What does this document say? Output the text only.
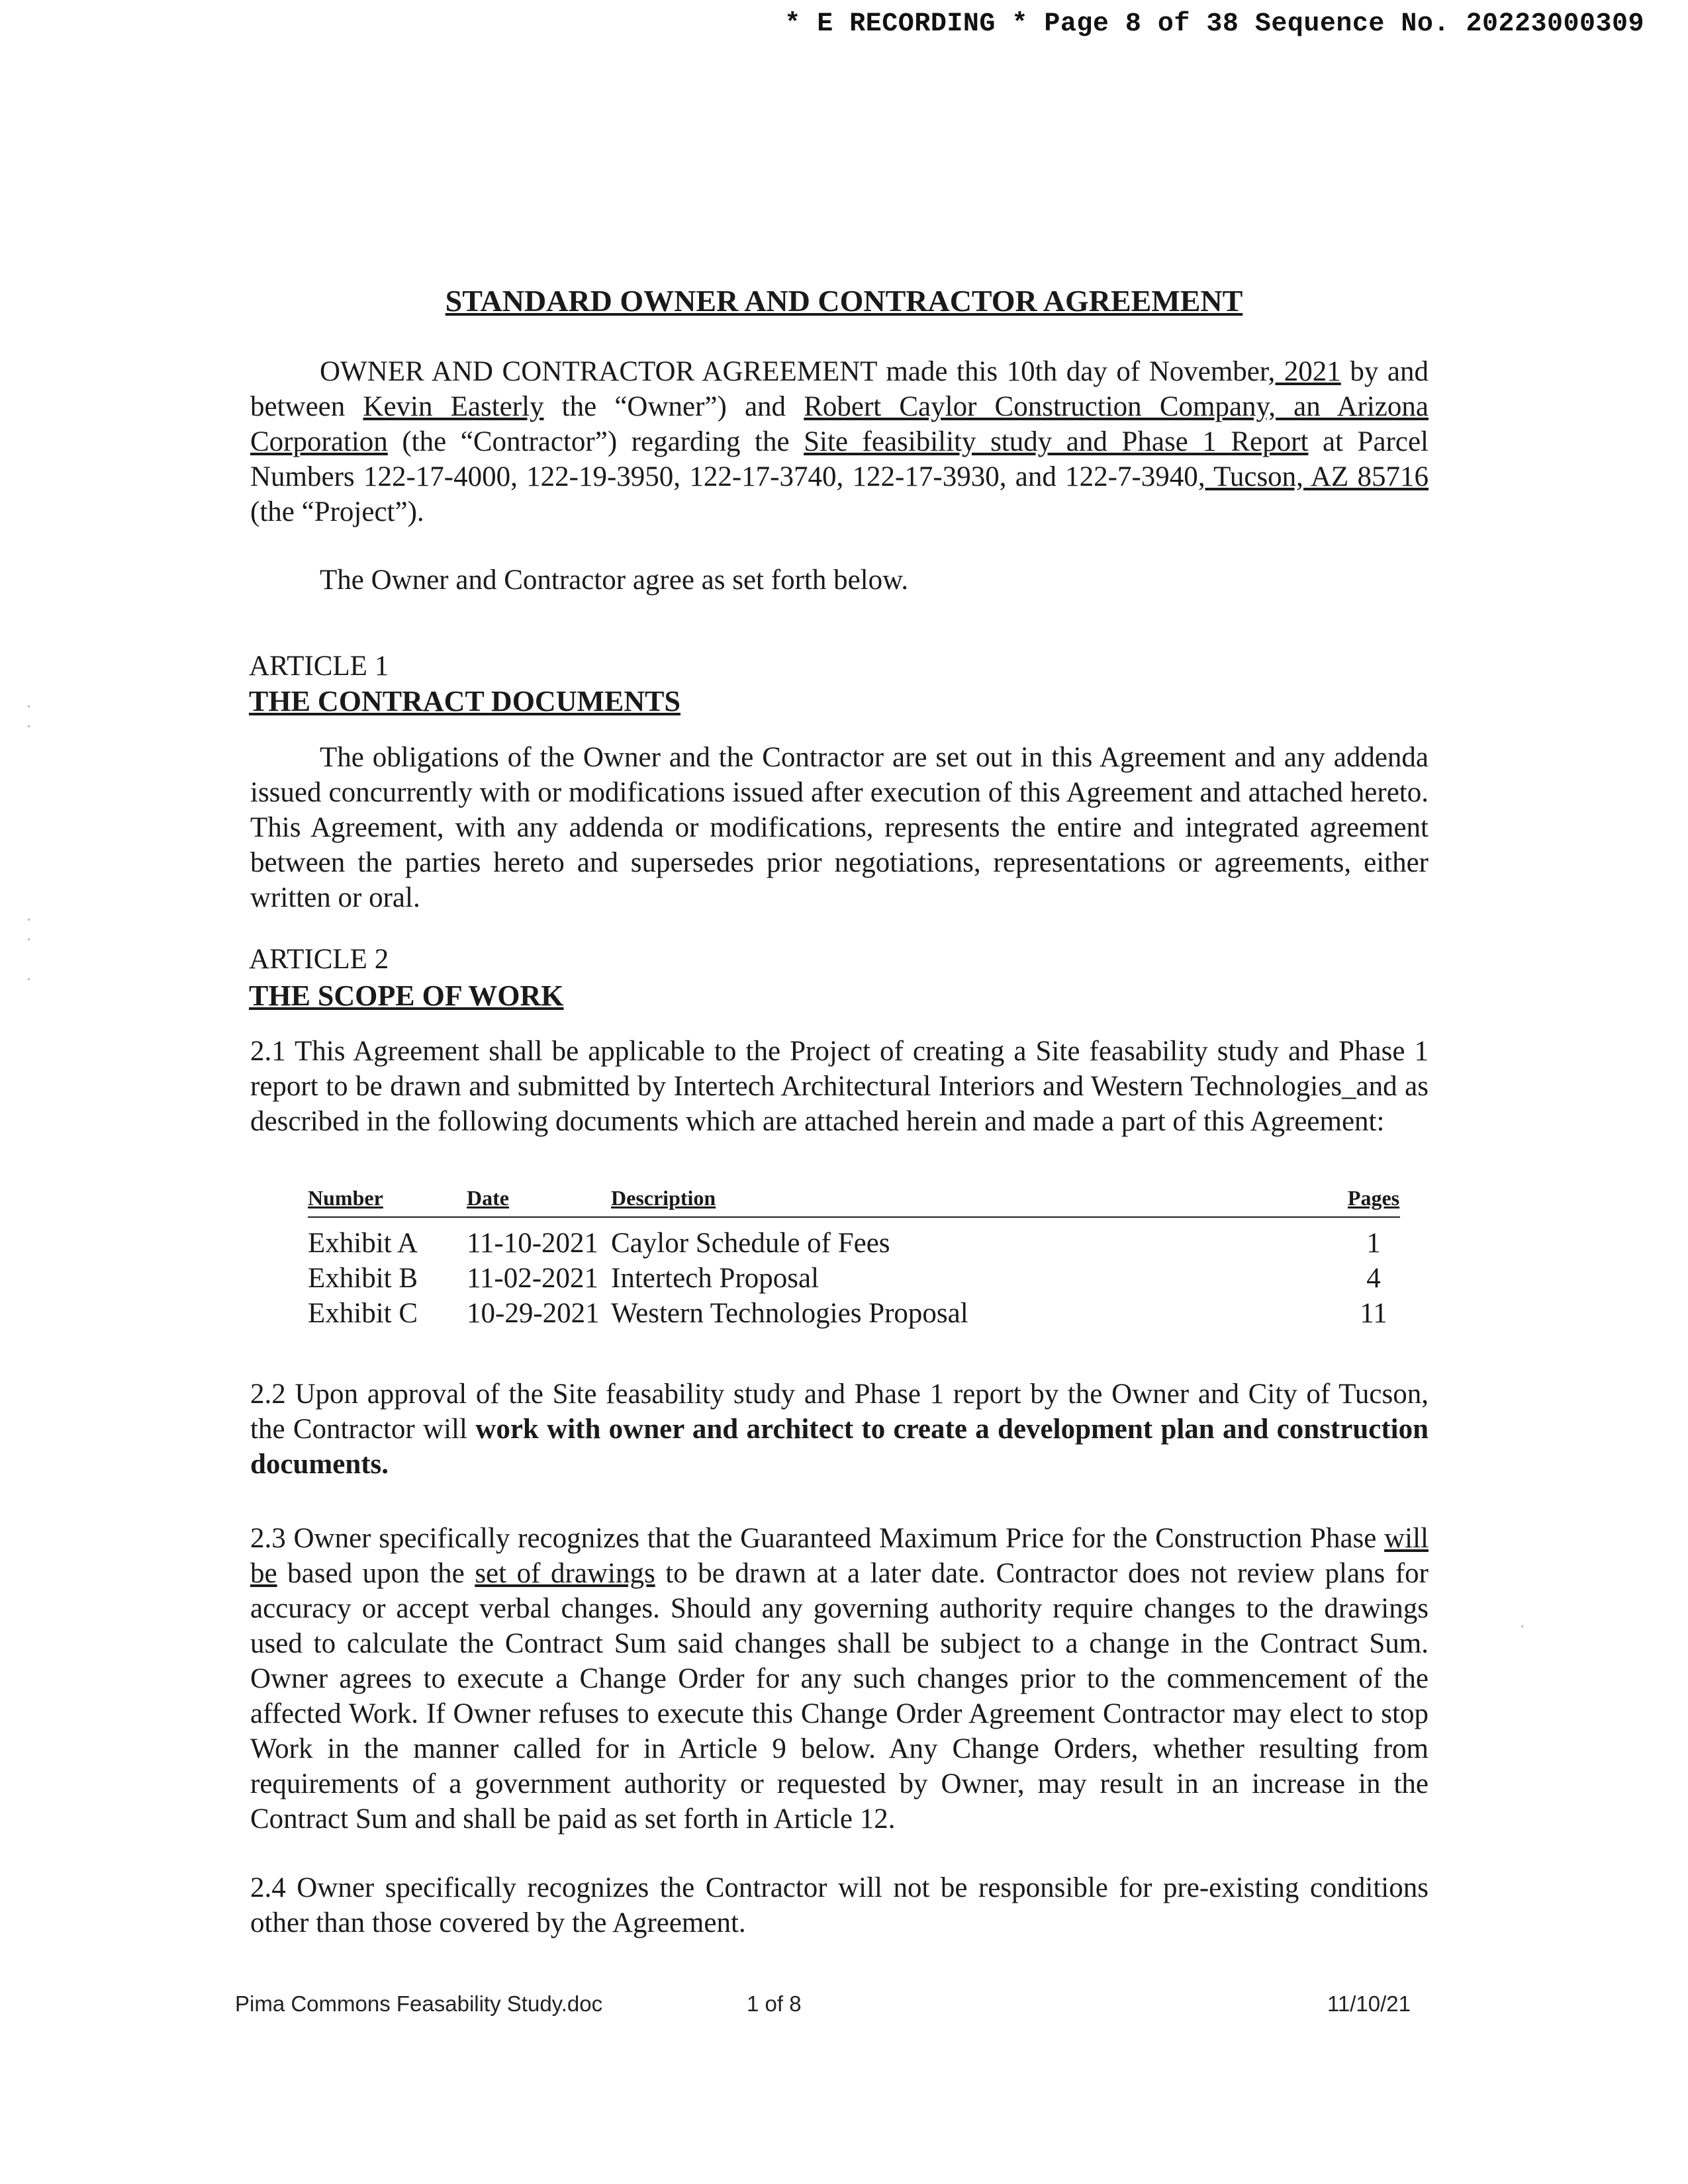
* E RECORDING * Page 8 of 38 Sequence No. 20223000309
STANDARD OWNER AND CONTRACTOR AGREEMENT

OWNER AND CONTRACTOR AGREEMENT made this 10th day of November, 2021 by and between Kevin Easterly the “Owner”) and Robert Caylor Construction Company, an Arizona Corporation (the “Contractor”) regarding the Site feasibility study and Phase 1 Report at Parcel Numbers 122-17-4000, 122-19-3950, 122-17-3740, 122-17-3930, and 122-7-3940, Tucson, AZ 85716 (the “Project”).

The Owner and Contractor agree as set forth below.

ARTICLE 1
THE CONTRACT DOCUMENTS

The obligations of the Owner and the Contractor are set out in this Agreement and any addenda issued concurrently with or modifications issued after execution of this Agreement and attached hereto. This Agreement, with any addenda or modifications, represents the entire and integrated agreement between the parties hereto and supersedes prior negotiations, representations or agreements, either written or oral.

ARTICLE 2
THE SCOPE OF WORK

2.1 This Agreement shall be applicable to the Project of creating a Site feasability study and Phase 1 report to be drawn and submitted by Intertech Architectural Interiors and Western Technologies_and as described in the following documents which are attached herein and made a part of this Agreement:

Number	Date	Description	Pages
Exhibit A 11-10-2021 Caylor Schedule of Fees	1
Exhibit B 11-02-2021 Intertech Proposal	4
Exhibit C 10-29-2021 Western Technologies Proposal	11

2.2 Upon approval of the Site feasability study and Phase 1 report by the Owner and City of Tucson, the Contractor will work with owner and architect to create a development plan and construction documents.

2.3 Owner specifically recognizes that the Guaranteed Maximum Price for the Construction Phase will be based upon the set of drawings to be drawn at a later date. Contractor does not review plans for accuracy or accept verbal changes. Should any governing authority require changes to the drawings used to calculate the Contract Sum said changes shall be subject to a change in the Contract Sum. Owner agrees to execute a Change Order for any such changes prior to the commencement of the affected Work. If Owner refuses to execute this Change Order Agreement Contractor may elect to stop Work in the manner called for in Article 9 below. Any Change Orders, whether resulting from requirements of a government authority or requested by Owner, may result in an increase in the Contract Sum and shall be paid as set forth in Article 12.

2.4 Owner specifically recognizes the Contractor will not be responsible for pre-existing conditions other than those covered by the Agreement.

Pima Commons Feasability Study.doc	1 of 8	11/10/21
